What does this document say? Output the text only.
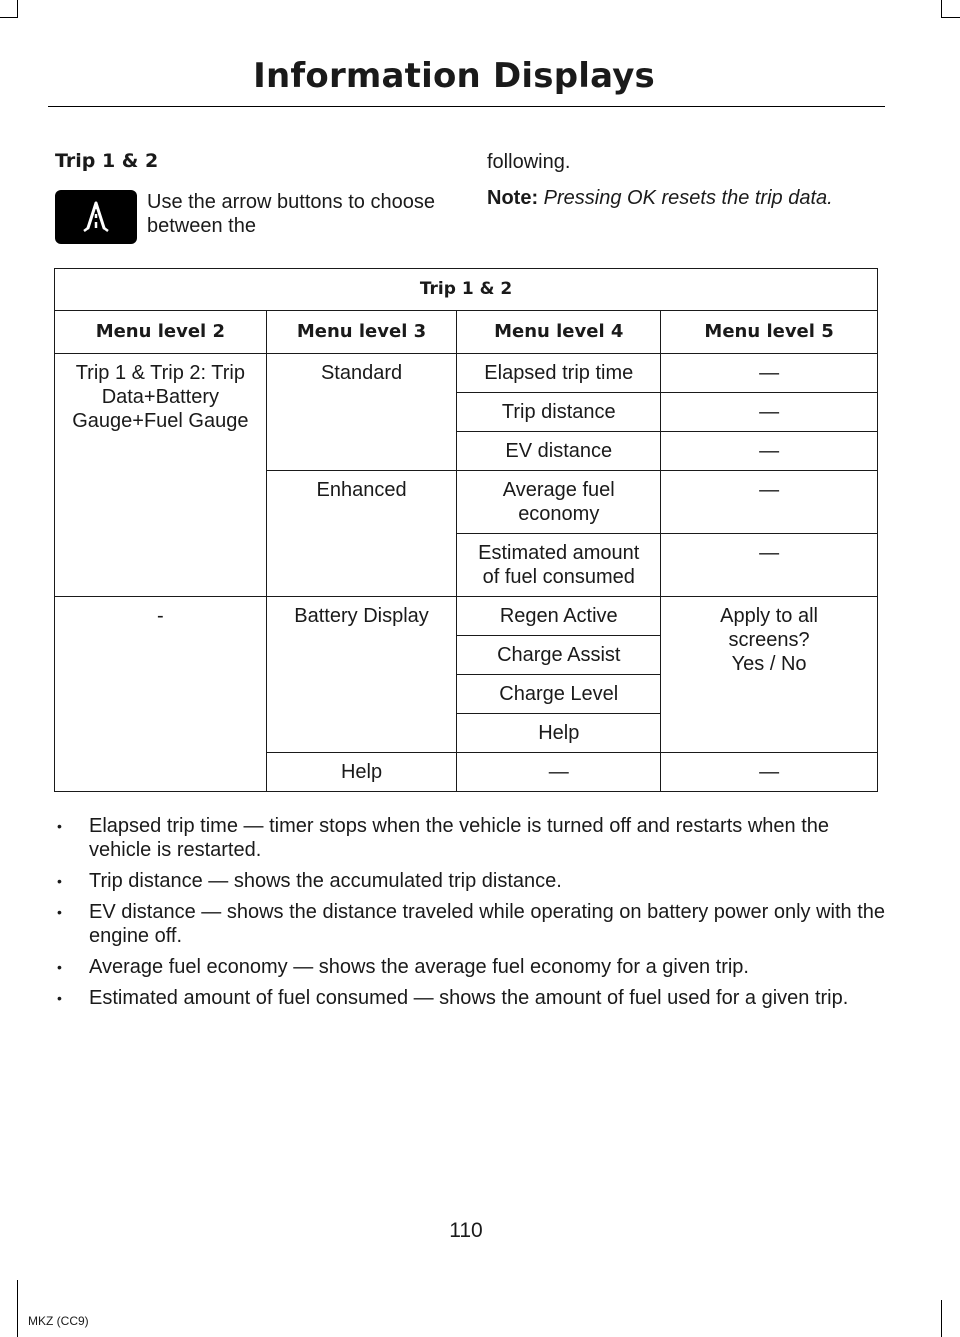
Information Displays
Trip 1 & 2
Use the arrow buttons to choose between the

following.

Note: Pressing OK resets the trip data.

Trip 1 & 2			
Menu level 2	Menu level 3	Menu level 4	Menu level 5
Trip 1 & Trip 2: Trip Data+Battery Gauge+Fuel Gauge	Standard	Elapsed trip time	—
		Trip distance	—
		EV distance	—
	Enhanced	Average fuel economy	—
		Estimated amount of fuel consumed	—
-	Battery Display	Regen Active	Apply to all screens?
Yes / No

		Charge Assist	
		Charge Level	
		Help	
	Help	—	—
• Elapsed trip time — timer stops when the vehicle is turned off and restarts when the vehicle is restarted.
• Trip distance — shows the accumulated trip distance.
• EV distance — shows the distance traveled while operating on battery power only with the engine off.
• Average fuel economy — shows the average fuel economy for a given trip.
• Estimated amount of fuel consumed — shows the amount of fuel used for a given trip.
110
MKZ (CC9)
